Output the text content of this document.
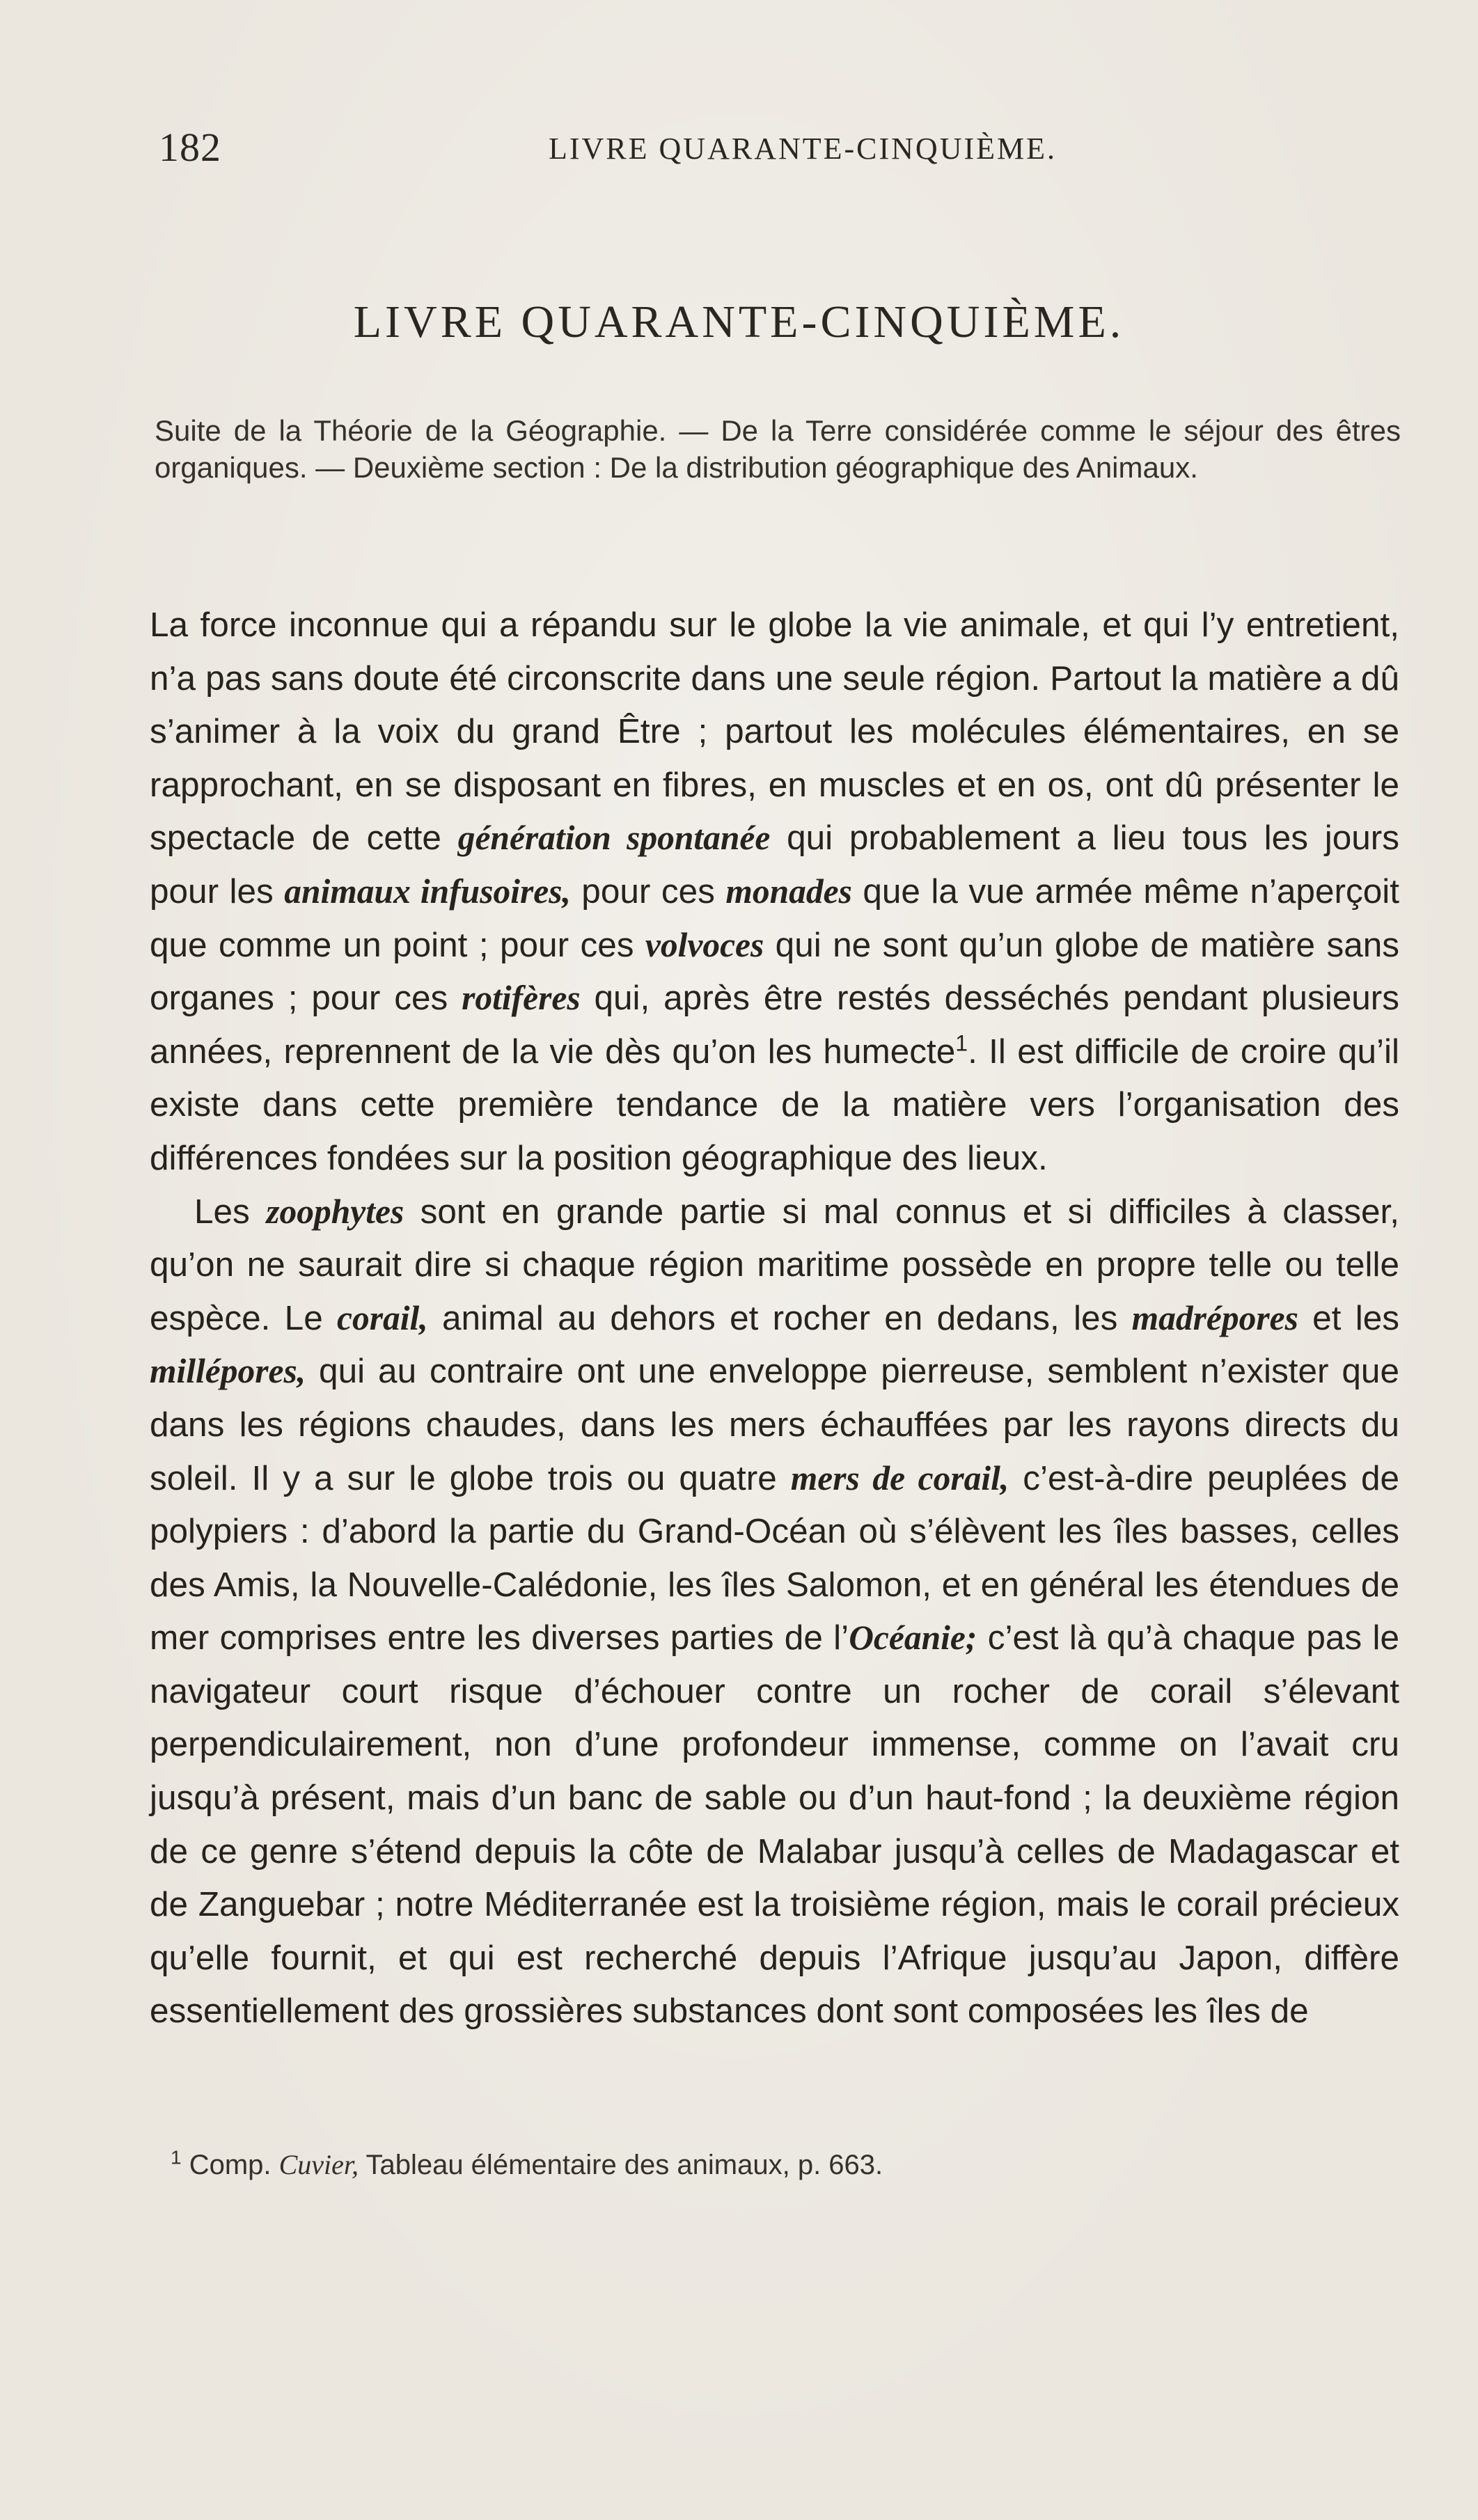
182	LIVRE QUARANTE-CINQUIÈME.
LIVRE QUARANTE-CINQUIÈME.
Suite de la Théorie de la Géographie. — De la Terre considérée comme le séjour des êtres organiques. — Deuxième section : De la distribution géographique des Animaux.

La force inconnue qui a répandu sur le globe la vie animale, et qui l’y entretient, n’a pas sans doute été circonscrite dans une seule région. Partout la matière a dû s’animer à la voix du grand Être ; partout les molécules élémentaires, en se rapprochant, en se disposant en fibres, en muscles et en os, ont dû présenter le spectacle de cette génération spontanée qui probablement a lieu tous les jours pour les animaux infusoires, pour ces monades que la vue armée même n’aperçoit que comme un point ; pour ces volvoces qui ne sont qu’un globe de matière sans organes ; pour ces rotifères qui, après être restés desséchés pendant plusieurs années, reprennent de la vie dès qu’on les humecte$^1$. Il est difficile de croire qu’il existe dans cette première tendance de la matière vers l’organisation des différences fondées sur la position géographique des lieux.

Les zoophytes sont en grande partie si mal connus et si difficiles à classer, qu’on ne saurait dire si chaque région maritime possède en propre telle ou telle espèce. Le corail, animal au dehors et rocher en dedans, les madrépores et les millépores, qui au contraire ont une enveloppe pierreuse, semblent n’exister que dans les régions chaudes, dans les mers échauffées par les rayons directs du soleil. Il y a sur le globe trois ou quatre mers de corail, c’est-à-dire peuplées de polypiers : d’abord la partie du Grand-Océan où s’élèvent les îles basses, celles des Amis, la Nouvelle-Calédonie, les îles Salomon, et en général les étendues de mer comprises entre les diverses parties de l’Océanie; c’est là qu’à chaque pas le navigateur court risque d’échouer contre un rocher de corail s’élevant perpendiculairement, non d’une profondeur immense, comme on l’avait cru jusqu’à présent, mais d’un banc de sable ou d’un haut-fond ; la deuxième région de ce genre s’étend depuis la côte de Malabar jusqu’à celles de Madagascar et de Zanguebar ; notre Méditerranée est la troisième région, mais le corail précieux qu’elle fournit, et qui est recherché depuis l’Afrique jusqu’au Japon, diffère essentiellement des grossières substances dont sont composées les îles de

$^1$ Comp. Cuvier, Tableau élémentaire des animaux, p. 663.
